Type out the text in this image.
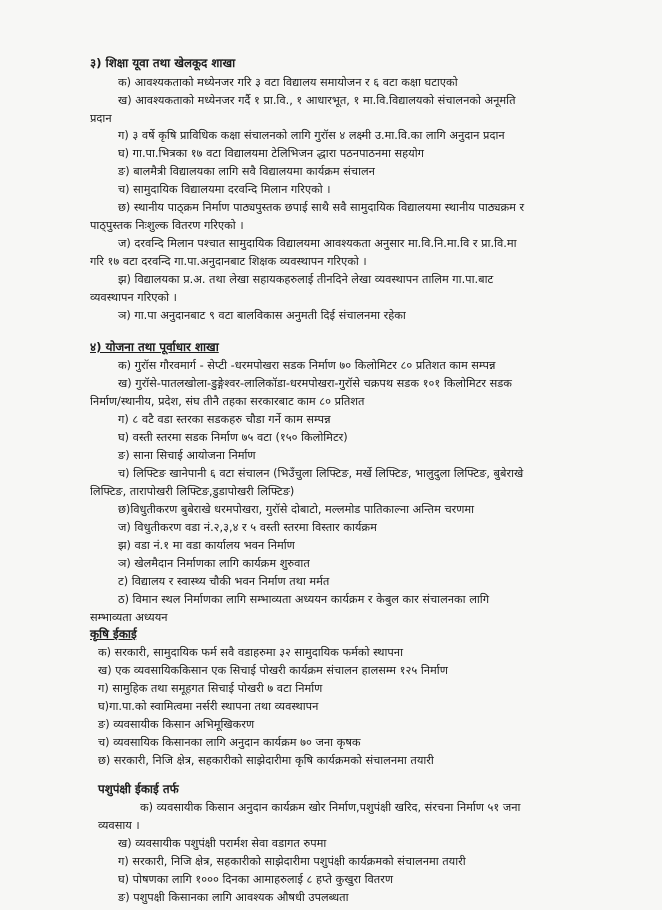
३) शिक्षा यूवा तथा खेलकूद शाखा
क) आवश्यकताको मध्येनजर गरि ३ वटा विद्यालय समायोजन र ६ वटा कक्षा घटाएको
ख) आवश्यकताको मध्येनजर गर्दै १ प्रा.वि., १ आधारभूत, १ मा.वि.विद्यालयको संचालनको अनूमति
प्रदान
ग) ३ वर्षे कृषि प्राविधिक कक्षा संचालनको लागि गुरॉस ४ लक्ष्मी उ.मा.वि.का लागि अनुदान प्रदान
घ) गा.पा.भित्रका १७ वटा विद्यालयमा टेलिभिजन द्धारा पठनपाठनमा सहयोग
ङ) बालमैत्री विद्यालयका लागि सवै विद्यालयमा कार्यक्रम संचालन
च) सामुदायिक विद्यालयमा दरवन्दि मिलान गरिएको ।
छ) स्थानीय पाठ्क्रम निर्माण पाठ्यपुस्तक छपाई साथै सवै सामुदायिक विद्यालयमा स्थानीय पाठ्यक्रम र
पाठ्पुस्तक निःशुल्क वितरण गरिएको ।
ज) दरवन्दि मिलान पश्चात सामुदायिक विद्यालयमा आवश्यकता अनुसार मा.वि.नि.मा.वि र प्रा.वि.मा
गरि १७ वटा दरवन्दि गा.पा.अनुदानबाट शिक्षक व्यवस्थापन गरिएको ।
झ) विद्यालयका प्र.अ. तथा लेखा सहायकहरुलाई तीनदिने लेखा व्यवस्थापन तालिम गा.पा.बाट
व्यवस्थापन गरिएको ।
ञ) गा.पा अनुदानबाट ९ वटा बालविकास अनुमती दिई संचालनमा रहेका
४) योजना तथा पूर्वाधार शाखा
क) गुरॉस गौरवमार्ग - सेप्टी -धरमपोखरा सडक निर्माण ७० किलोमिटर ८० प्रतिशत काम सम्पन्न
ख) गुरॉसे-पातलखोला-डुङ्गेश्वर-लालिकॉडा-धरमपोखरा-गुरॉसे चक्रपथ सडक १०१ किलोमिटर सडक
निर्माण/स्थानीय, प्रदेश, संघ तीनै तहका सरकारबाट काम ८० प्रतिशत
ग) ८ वटै वडा स्तरका सडकहरु चौडा गर्ने काम सम्पन्न
घ) वस्ती स्तरमा सडक निर्माण ७५ वटा (१५० किलोमिटर)
ङ) साना सिचाई आयोजना निर्माण
च) लिफ्टिङ खानेपानी ६ वटा संचालन (भिउँचुला लिफ्टिङ, मर्खे लिफ्टिङ, भालुदुला लिफ्टिङ, बुबेराखे
लिफ्टिङ, तारापोखरी लिफ्टिङ,डुडापोखरी लिफ्टिङ)
छ)विधुतीकरण बुबेराखे धरमपोखरा, गुरॉसे दोबाटो, मल्लमोड पातिकाल्ना अन्तिम चरणमा
ज) विधुतीकरण वडा नं.२,३,४ र ५ वस्ती स्तरमा विस्तार कार्यक्रम
झ) वडा नं.१ मा वडा कार्यालय भवन निर्माण
ञ) खेलमैदान निर्माणका लागि कार्यक्रम शुरुवात
ट) विद्यालय र स्वास्थ्य चौकी भवन निर्माण तथा मर्मत
ठ) विमान स्थल निर्माणका लागि सम्भाव्यता अध्ययन कार्यक्रम र केबुल कार संचालनका लागि
सम्भाव्यता अध्ययन
कृषि ईकाई
क) सरकारी, सामुदायिक फर्म सवै वडाहरुमा ३२ सामुदायिक फर्मको स्थापना
ख) एक व्यवसायिककिसान एक सिचाई पोखरी कार्यक्रम संचालन हालसम्म १२५ निर्माण
ग) सामुहिक तथा समूहगत सिचाई पोखरी ७ वटा निर्माण
घ)गा.पा.को स्वामित्वमा नर्सरी स्थापना तथा व्यवस्थापन
ङ) व्यवसायीक किसान अभिमूखिकरण
च) व्यवसायिक किसानका लागि अनुदान कार्यक्रम ७० जना कृषक
छ) सरकारी, निजि क्षेत्र, सहकारीको साझेदारीमा कृषि कार्यक्रमको संचालनमा तयारी
पशुपंक्षी ईकाई तर्फ
क) व्यवसायीक किसान अनुदान कार्यक्रम खोर निर्माण,पशुपंक्षी खरिद, संरचना निर्माण ५१ जना
व्यवसाय ।
ख) व्यवसायीक पशुपंक्षी परार्मश सेवा वडागत रुपमा
ग) सरकारी, निजि क्षेत्र, सहकारीको साझेदारीमा पशुपंक्षी कार्यक्रमको संचालनमा तयारी
घ) पोषणका लागि १००० दिनका आमाहरुलाई ८ हप्ते कुखुरा वितरण
ङ) पशुपक्षी किसानका लागि आवश्यक औषधी उपलब्धता
